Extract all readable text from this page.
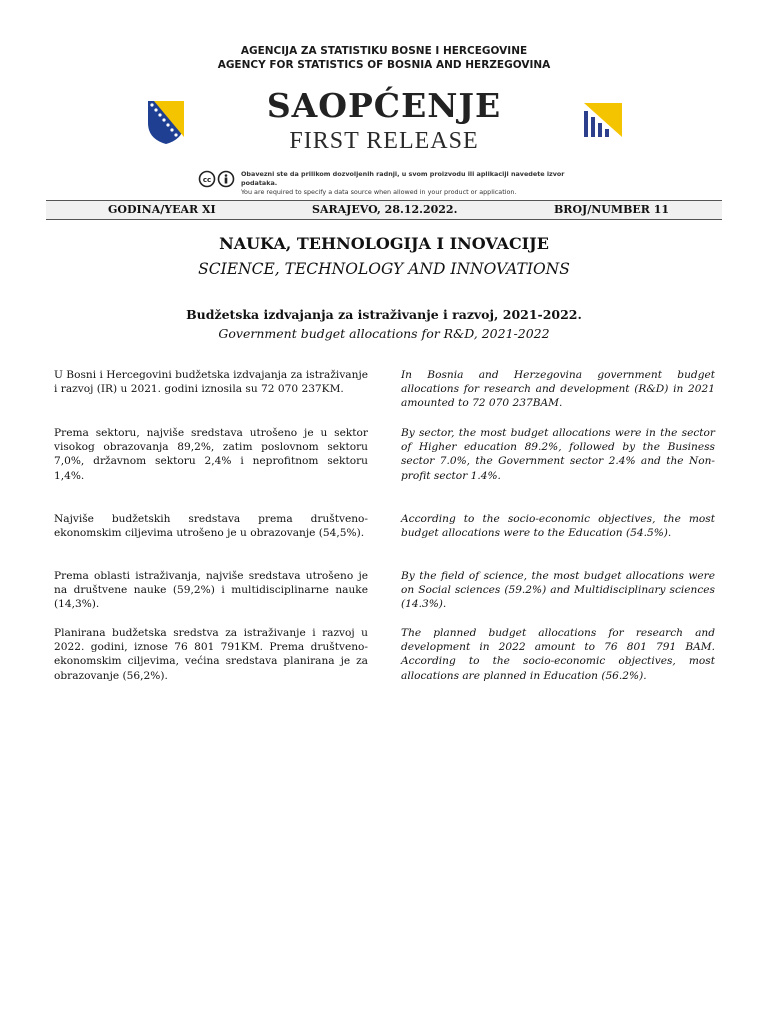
AGENCIJA ZA STATISTIKU BOSNE I HERCEGOVINE
AGENCY FOR STATISTICS OF BOSNIA AND HERZEGOVINA
SAOPĆENJE
FIRST RELEASE
cc
Obavezni ste da prilikom dozvoljenih radnji, u svom proizvodu ili aplikaciji navedete izvor podataka.
You are required to specify a data source when allowed in your product or application.
GODINA/YEAR XI	SARAJEVO, 28.12.2022.	BROJ/NUMBER 11
NAUKA, TEHNOLOGIJA I INOVACIJE
SCIENCE, TECHNOLOGY AND INNOVATIONS
Budžetska izdvajanja za istraživanje i razvoj, 2021-2022.
Government budget allocations for R&D, 2021-2022

U Bosni i Hercegovini budžetska izdvajanja za istraživanje i razvoj (IR) u 2021. godini iznosila su 72 070 237KM.

Prema sektoru, najviše sredstava utrošeno je u sektor visokog obrazovanja 89,2%, zatim poslovnom sektoru 7,0%, državnom sektoru 2,4% i neprofitnom sektoru 1,4%.

Najviše budžetskih sredstava prema društveno-ekonomskim ciljevima utrošeno je u obrazovanje (54,5%).

Prema oblasti istraživanja, najviše sredstava utrošeno je na društvene nauke (59,2%) i multidisciplinarne nauke (14,3%).

Planirana budžetska sredstva za istraživanje i razvoj u 2022. godini, iznose 76 801 791KM. Prema društveno-ekonomskim ciljevima, većina sredstava planirana je za obrazovanje (56,2%).

In Bosnia and Herzegovina government budget allocations for research and development (R&D) in 2021 amounted to 72 070 237BAM.

By sector, the most budget allocations were in the sector of Higher education 89.2%, followed by the Business sector 7.0%, the Government sector 2.4% and the Non-profit sector 1.4%.

According to the socio-economic objectives, the most budget allocations were to the Education (54.5%).

By the field of science, the most budget allocations were on Social sciences (59.2%) and Multidisciplinary sciences (14.3%).

The planned budget allocations for research and development in 2022 amount to 76 801 791 BAM. According to the socio-economic objectives, most allocations are planned in Education (56.2%).
